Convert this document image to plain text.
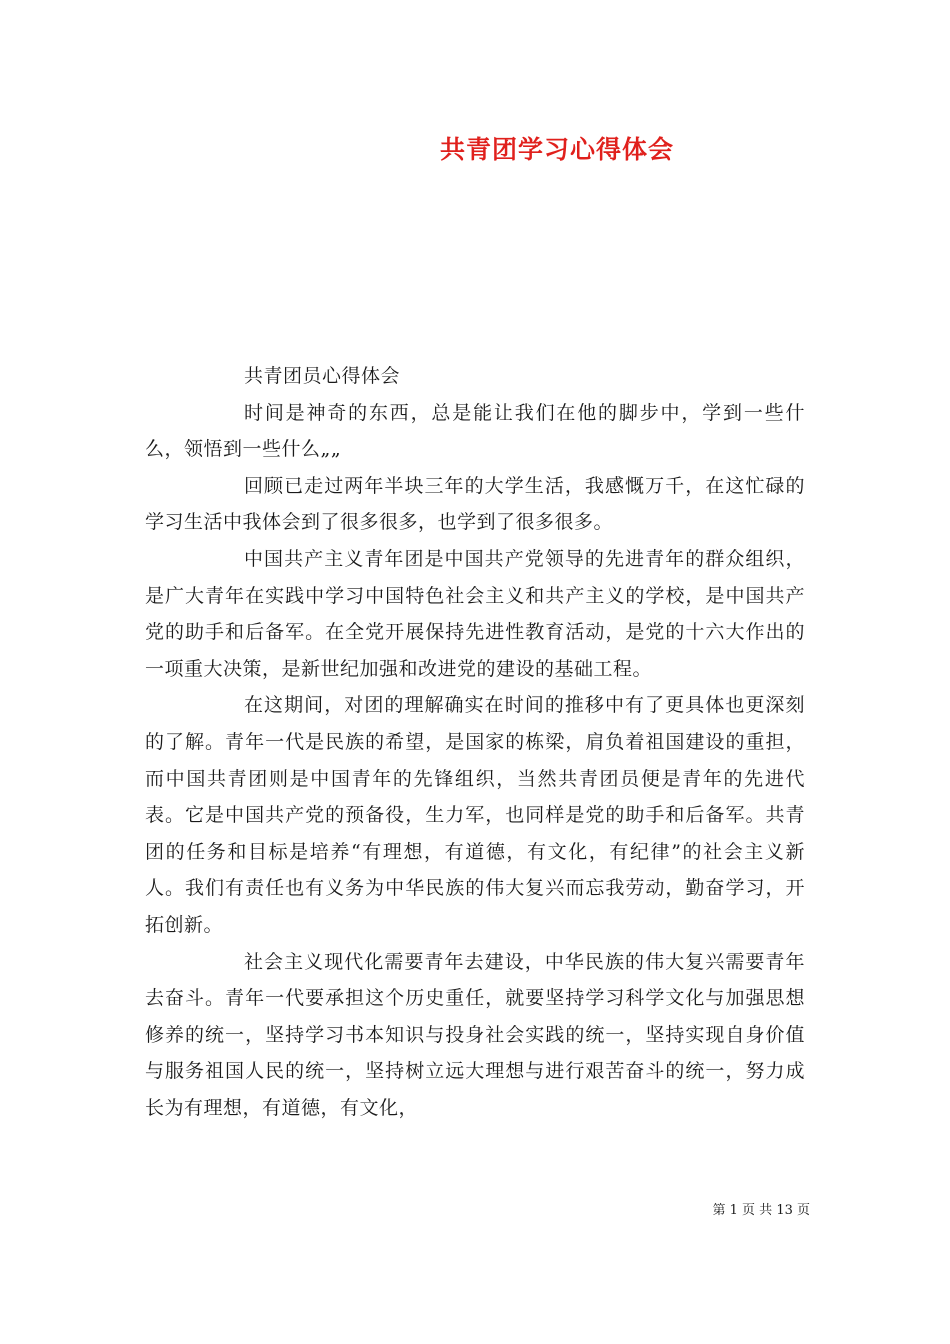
共青团学习心得体会

共青团员心得体会

时间是神奇的东西，总是能让我们在他的脚步中，学到一些什么，领悟到一些什么„„

回顾已走过两年半块三年的大学生活，我感慨万千，在这忙碌的学习生活中我体会到了很多很多，也学到了很多很多。

中国共产主义青年团是中国共产党领导的先进青年的群众组织，是广大青年在实践中学习中国特色社会主义和共产主义的学校，是中国共产党的助手和后备军。在全党开展保持先进性教育活动，是党的十六大作出的一项重大决策，是新世纪加强和改进党的建设的基础工程。

在这期间，对团的理解确实在时间的推移中有了更具体也更深刻的了解。青年一代是民族的希望，是国家的栋梁，肩负着祖国建设的重担，而中国共青团则是中国青年的先锋组织，当然共青团员便是青年的先进代表。它是中国共产党的预备役，生力军，也同样是党的助手和后备军。共青团的任务和目标是培养“有理想，有道德，有文化，有纪律”的社会主义新人。我们有责任也有义务为中华民族的伟大复兴而忘我劳动，勤奋学习，开拓创新。

社会主义现代化需要青年去建设，中华民族的伟大复兴需要青年去奋斗。青年一代要承担这个历史重任，就要坚持学习科学文化与加强思想修养的统一，坚持学习书本知识与投身社会实践的统一，坚持实现自身价值与服务祖国人民的统一，坚持树立远大理想与进行艰苦奋斗的统一，努力成长为有理想，有道德，有文化，

第 1 页 共 13 页
